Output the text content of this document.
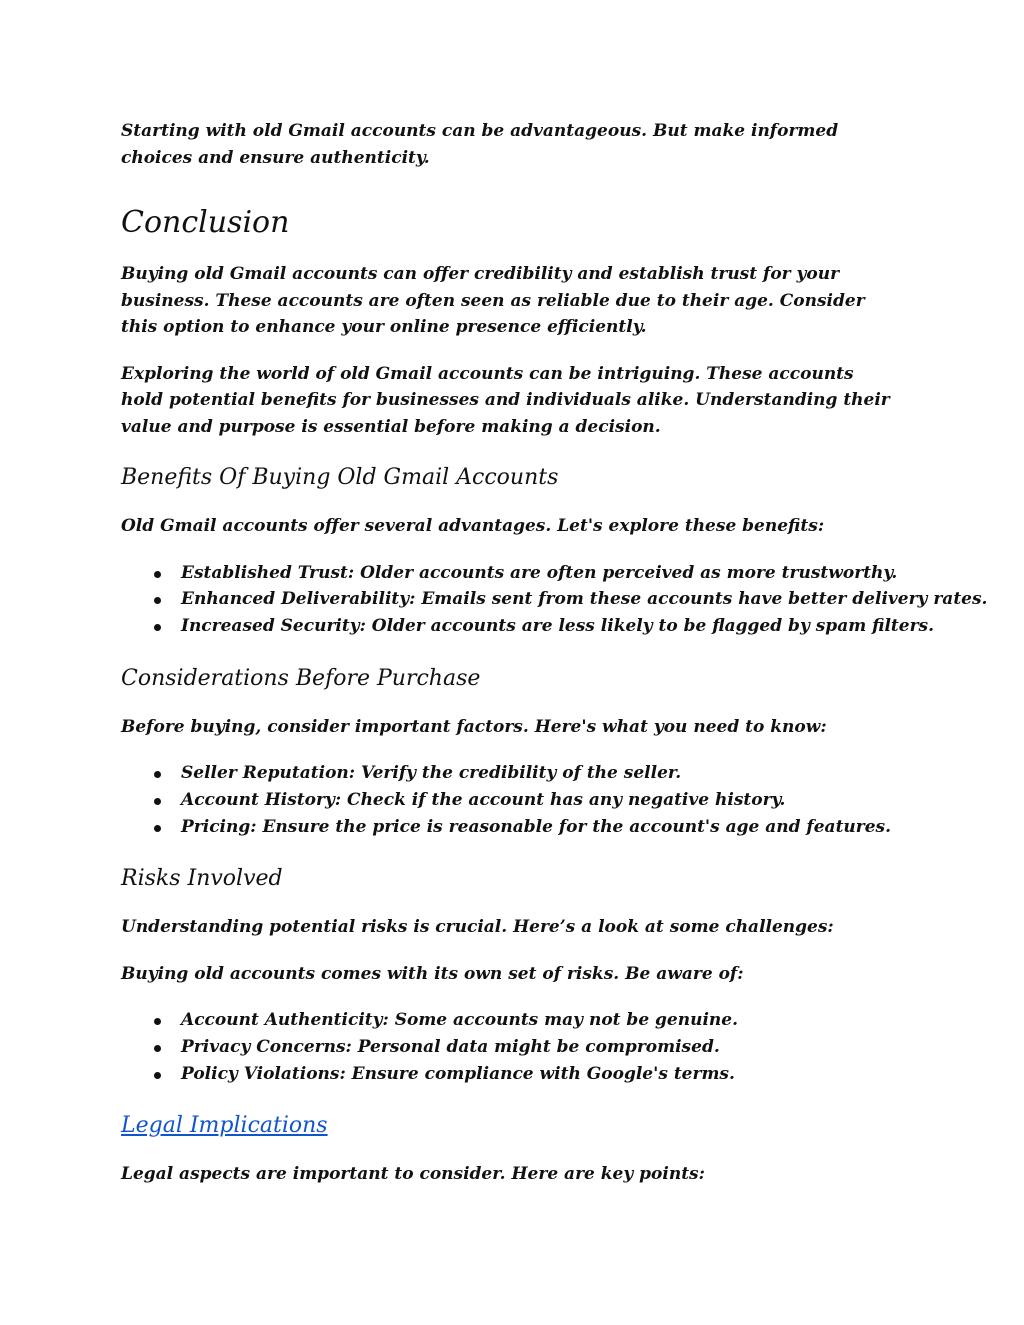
Starting with old Gmail accounts can be advantageous. But make informed choices and ensure authenticity.

Conclusion

Buying old Gmail accounts can offer credibility and establish trust for your business. These accounts are often seen as reliable due to their age. Consider this option to enhance your online presence efficiently.

Exploring the world of old Gmail accounts can be intriguing. These accounts hold potential benefits for businesses and individuals alike. Understanding their value and purpose is essential before making a decision.

Benefits Of Buying Old Gmail Accounts

Old Gmail accounts offer several advantages. Let's explore these benefits:

Established Trust: Older accounts are often perceived as more trustworthy.
Enhanced Deliverability: Emails sent from these accounts have better delivery rates.
Increased Security: Older accounts are less likely to be flagged by spam filters.
Considerations Before Purchase

Before buying, consider important factors. Here's what you need to know:

Seller Reputation: Verify the credibility of the seller.
Account History: Check if the account has any negative history.
Pricing: Ensure the price is reasonable for the account's age and features.
Risks Involved

Understanding potential risks is crucial. Here’s a look at some challenges:

Buying old accounts comes with its own set of risks. Be aware of:

Account Authenticity: Some accounts may not be genuine.
Privacy Concerns: Personal data might be compromised.
Policy Violations: Ensure compliance with Google's terms.
Legal Implications

Legal aspects are important to consider. Here are key points:
